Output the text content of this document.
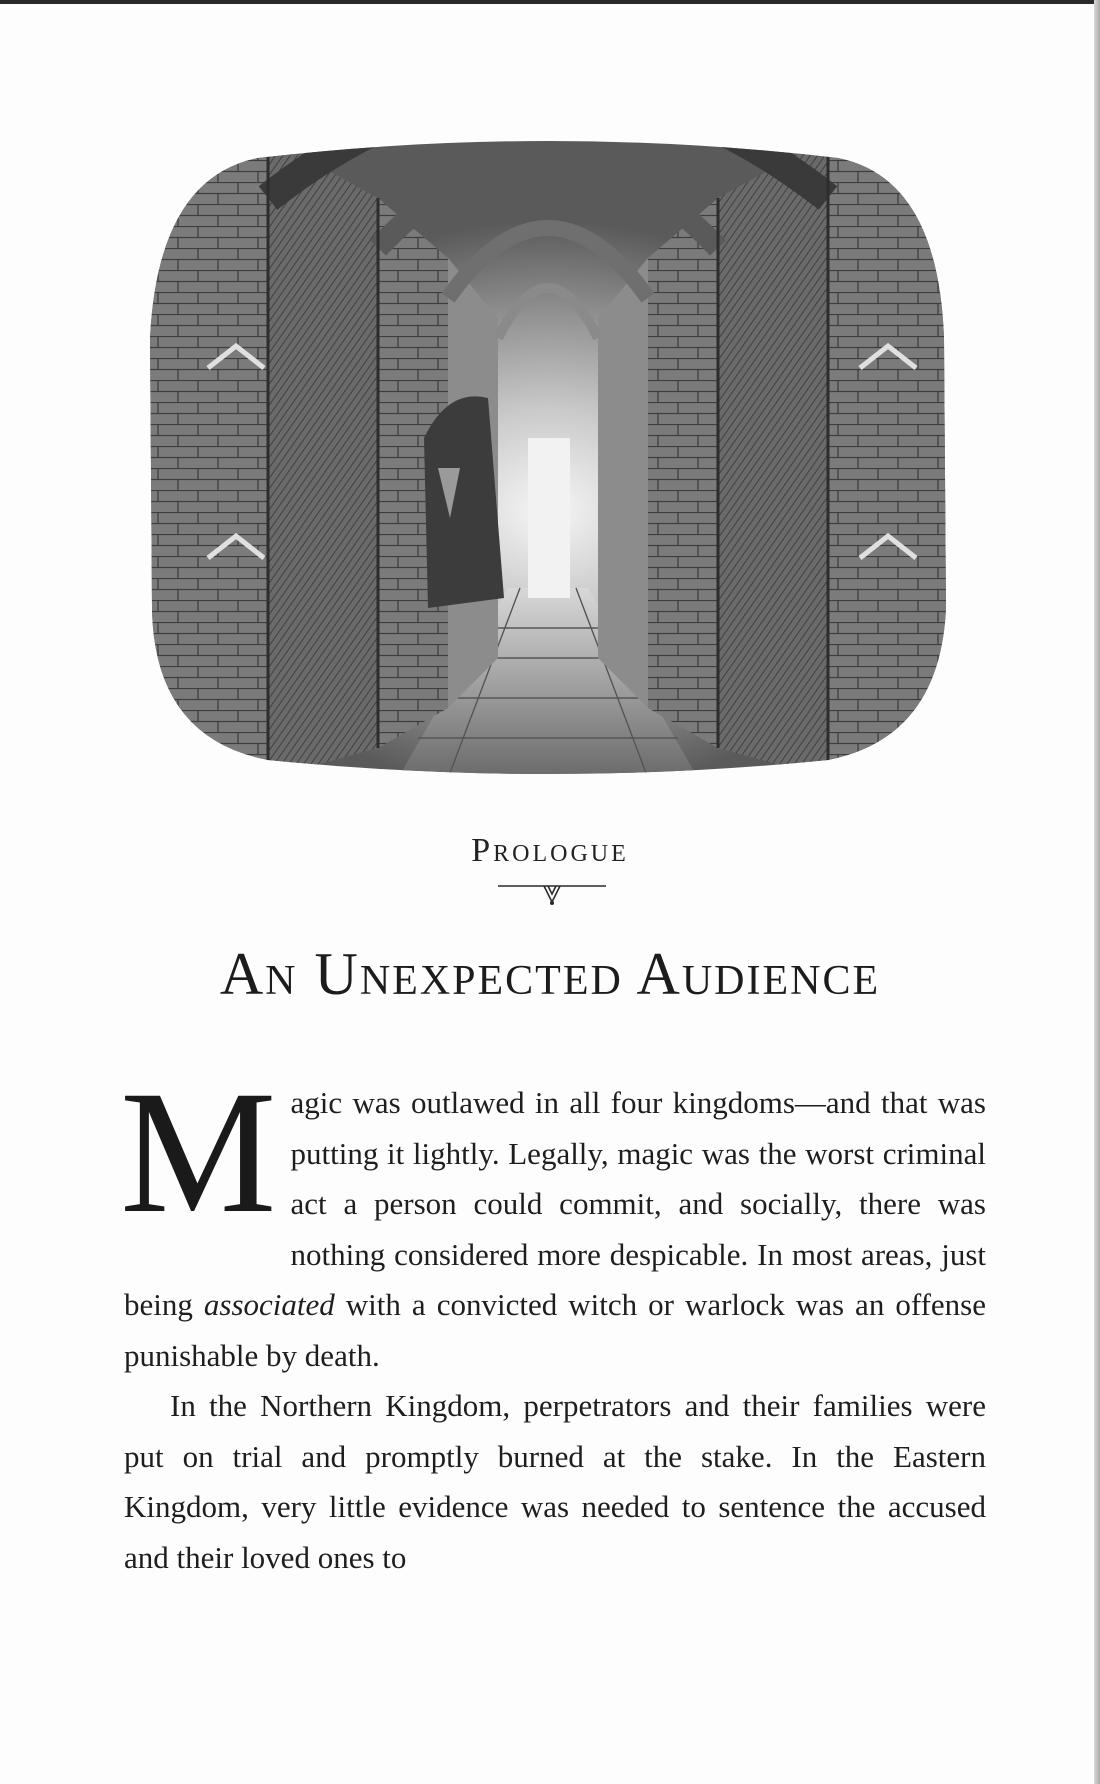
Prologue
An Unexpected Audience

Magic was outlawed in all four kingdoms—and that was putting it lightly. Legally, magic was the worst criminal act a person could commit, and socially, there was nothing considered more despicable. In most areas, just being associated with a convicted witch or warlock was an offense punishable by death.

In the Northern Kingdom, perpetrators and their families were put on trial and promptly burned at the stake. In the Eastern Kingdom, very little evidence was needed to sentence the accused and their loved ones to
